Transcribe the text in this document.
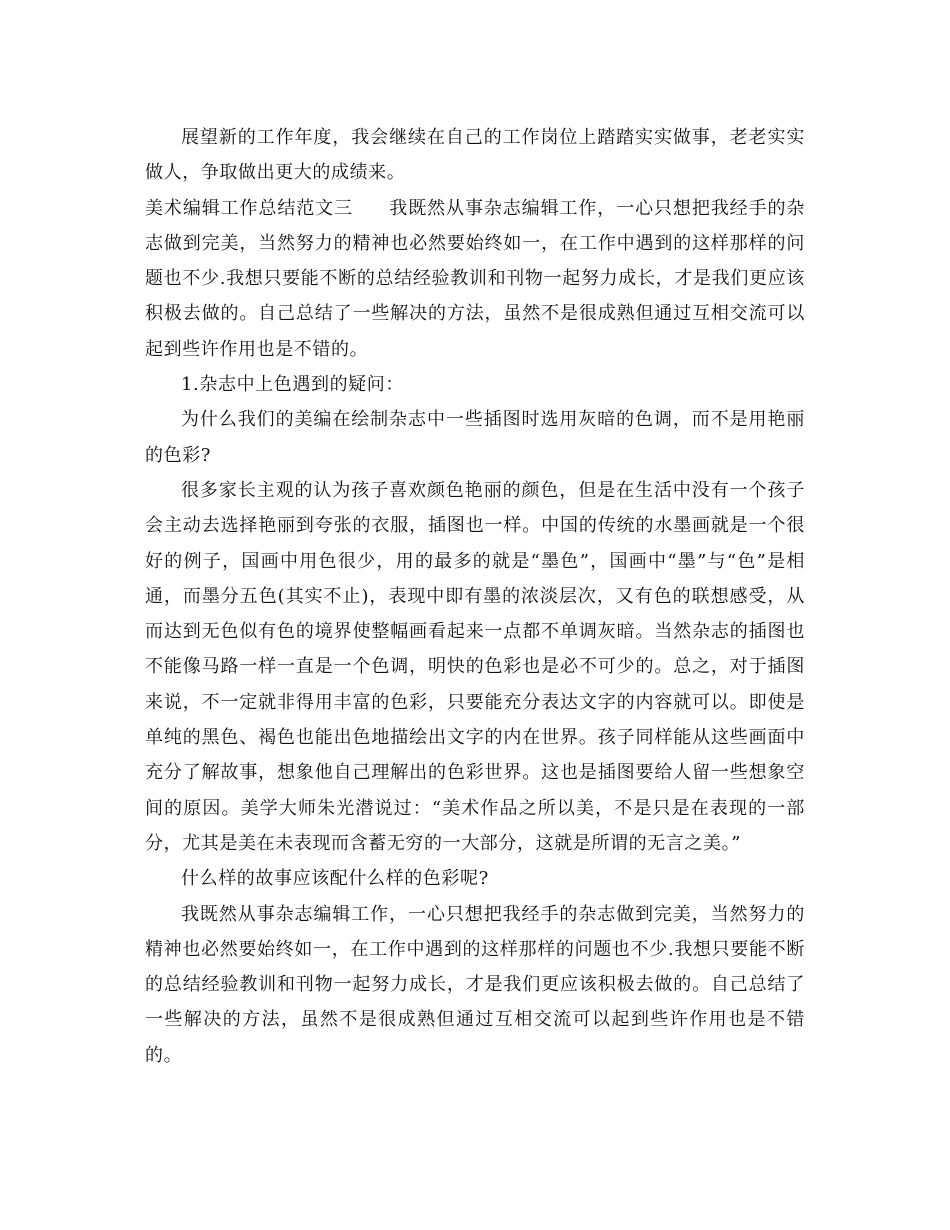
展望新的工作年度，我会继续在自己的工作岗位上踏踏实实做事，老老实实做人，争取做出更大的成绩来。

美术编辑工作总结范文三 我既然从事杂志编辑工作，一心只想把我经手的杂志做到完美，当然努力的精神也必然要始终如一，在工作中遇到的这样那样的问题也不少.我想只要能不断的总结经验教训和刊物一起努力成长，才是我们更应该积极去做的。自己总结了一些解决的方法，虽然不是很成熟但通过互相交流可以起到些许作用也是不错的。

1.杂志中上色遇到的疑问：

为什么我们的美编在绘制杂志中一些插图时选用灰暗的色调，而不是用艳丽的色彩?

很多家长主观的认为孩子喜欢颜色艳丽的颜色，但是在生活中没有一个孩子会主动去选择艳丽到夸张的衣服，插图也一样。中国的传统的水墨画就是一个很好的例子，国画中用色很少，用的最多的就是“墨色”，国画中“墨”与“色”是相通，而墨分五色(其实不止)，表现中即有墨的浓淡层次，又有色的联想感受，从而达到无色似有色的境界使整幅画看起来一点都不单调灰暗。当然杂志的插图也不能像马路一样一直是一个色调，明快的色彩也是必不可少的。总之，对于插图来说，不一定就非得用丰富的色彩，只要能充分表达文字的内容就可以。即使是单纯的黑色、褐色也能出色地描绘出文字的内在世界。孩子同样能从这些画面中充分了解故事，想象他自己理解出的色彩世界。这也是插图要给人留一些想象空间的原因。美学大师朱光潜说过：“美术作品之所以美，不是只是在表现的一部分，尤其是美在未表现而含蓄无穷的一大部分，这就是所谓的无言之美。”

什么样的故事应该配什么样的色彩呢?

我既然从事杂志编辑工作，一心只想把我经手的杂志做到完美，当然努力的精神也必然要始终如一，在工作中遇到的这样那样的问题也不少.我想只要能不断的总结经验教训和刊物一起努力成长，才是我们更应该积极去做的。自己总结了一些解决的方法，虽然不是很成熟但通过互相交流可以起到些许作用也是不错的。
